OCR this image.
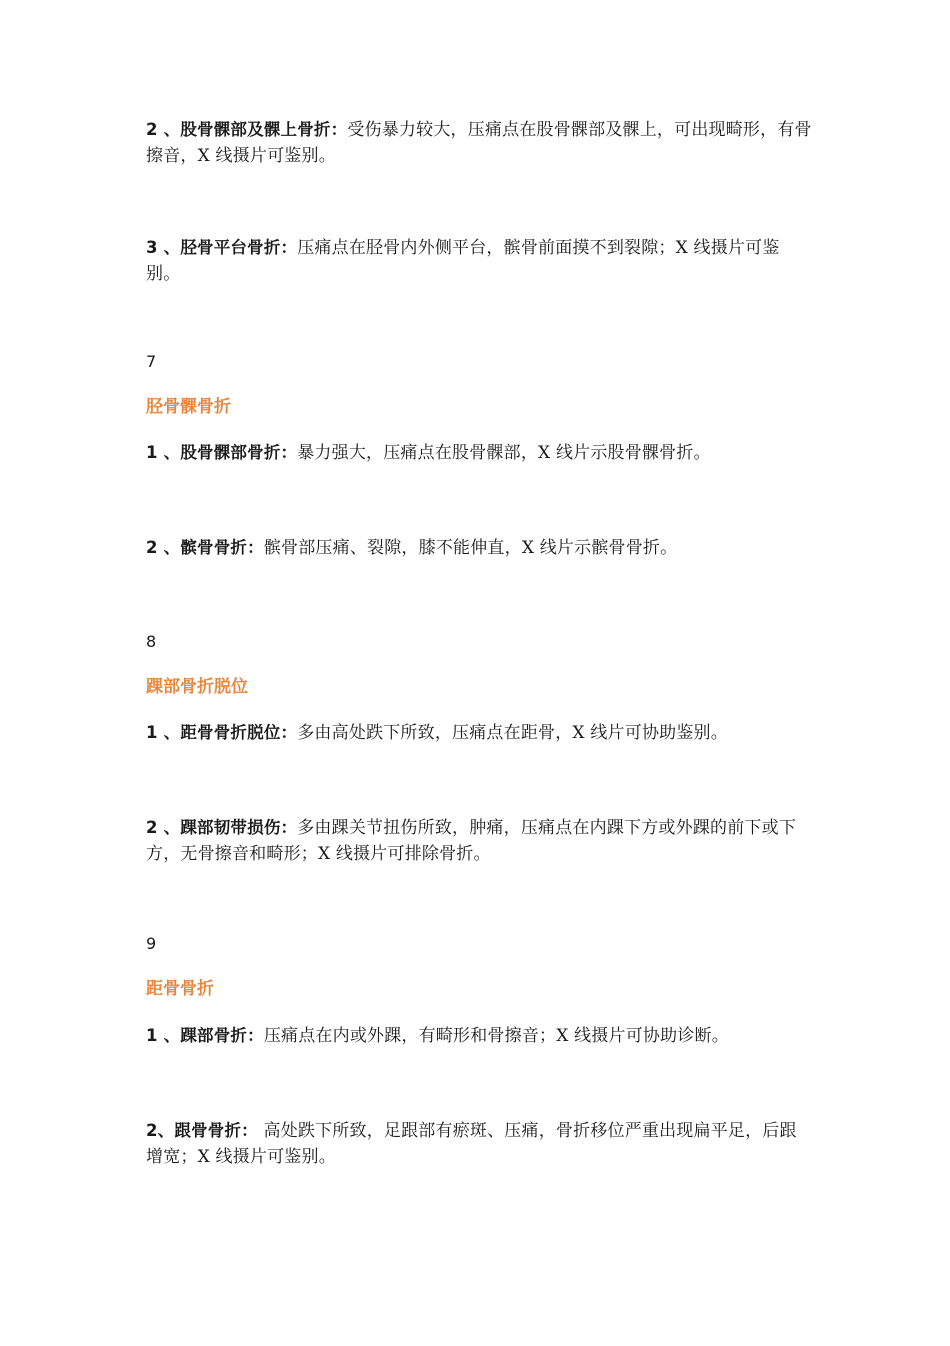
2 、股骨髁部及髁上骨折：受伤暴力较大，压痛点在股骨髁部及髁上，可出现畸形，有骨擦音，X 线摄片可鉴别。
3 、胫骨平台骨折：压痛点在胫骨内外侧平台，髌骨前面摸不到裂隙；X 线摄片可鉴别。
7
胫骨髁骨折
1 、股骨髁部骨折：暴力强大，压痛点在股骨髁部，X 线片示股骨髁骨折。
2 、髌骨骨折：髌骨部压痛、裂隙，膝不能伸直，X 线片示髌骨骨折。
8
踝部骨折脱位
1 、距骨骨折脱位：多由高处跌下所致，压痛点在距骨，X 线片可协助鉴别。
2 、踝部韧带损伤：多由踝关节扭伤所致，肿痛，压痛点在内踝下方或外踝的前下或下方，无骨擦音和畸形；X 线摄片可排除骨折。
9
距骨骨折
1 、踝部骨折：压痛点在内或外踝，有畸形和骨擦音；X 线摄片可协助诊断。
2、跟骨骨折： 高处跌下所致，足跟部有瘀斑、压痛，骨折移位严重出现扁平足，后跟增宽；X 线摄片可鉴别。
